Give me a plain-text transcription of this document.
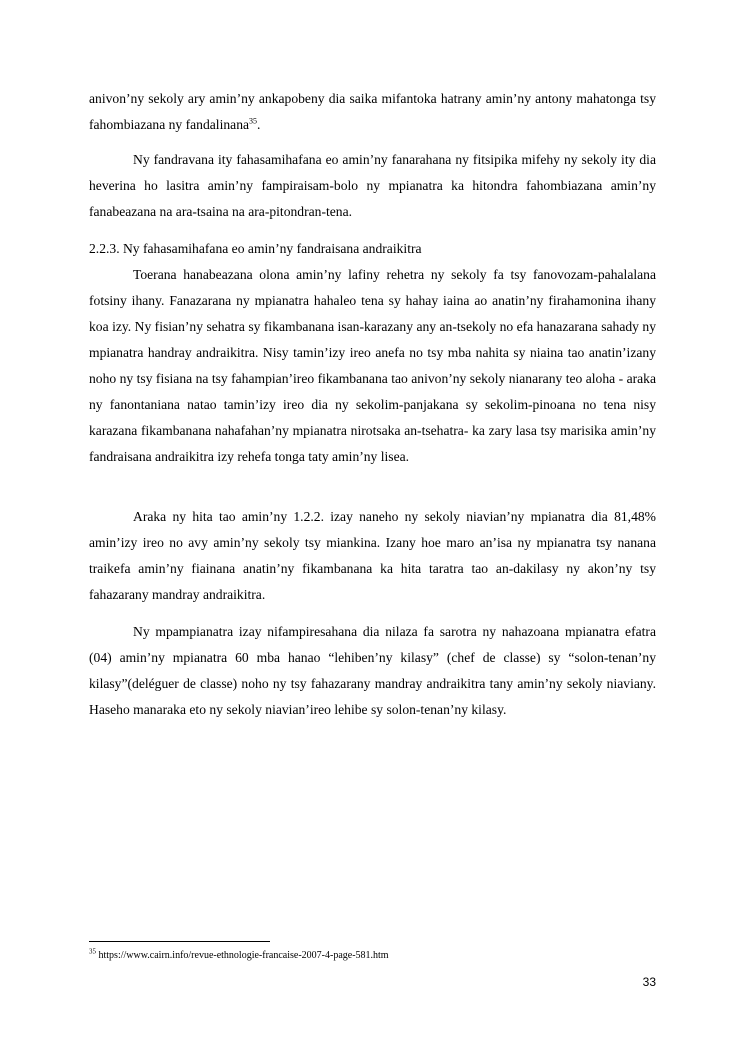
anivon’ny sekoly ary amin’ny ankapobeny dia saika mifantoka hatrany amin’ny antony mahatonga tsy fahombiazana ny fandalinana$^{35}$.

Ny fandravana ity fahasamihafana eo amin’ny fanarahana ny fitsipika mifehy ny sekoly ity dia heverina ho lasitra amin’ny fampiraisam-bolo ny mpianatra ka hitondra fahombiazana amin’ny fanabeazana na ara-tsaina na ara-pitondran-tena.

2.2.3. Ny fahasamihafana eo amin’ny fandraisana andraikitra

Toerana hanabeazana olona amin’ny lafiny rehetra ny sekoly fa tsy fanovozam-pahalalana fotsiny ihany. Fanazarana ny mpianatra hahaleo tena sy hahay iaina ao anatin’ny firahamonina ihany koa izy. Ny fisian’ny sehatra sy fikambanana isan-karazany any an-tsekoly no efa hanazarana sahady ny mpianatra handray andraikitra. Nisy tamin’izy ireo anefa no tsy mba nahita sy niaina tao anatin’izany noho ny tsy fisiana na tsy fahampian’ireo fikambanana tao anivon’ny sekoly nianarany teo aloha - araka ny fanontaniana natao tamin’izy ireo dia ny sekolim-panjakana sy sekolim-pinoana no tena nisy karazana fikambanana nahafahan’ny mpianatra nirotsaka an-tsehatra- ka zary lasa tsy marisika amin’ny fandraisana andraikitra izy rehefa tonga taty amin’ny lisea.

Araka ny hita tao amin’ny 1.2.2. izay naneho ny sekoly niavian’ny mpianatra dia 81,48% amin’izy ireo no avy amin’ny sekoly tsy miankina. Izany hoe maro an’isa ny mpianatra tsy nanana traikefa amin’ny fiainana anatin’ny fikambanana ka hita taratra tao an-dakilasy ny akon’ny tsy fahazarany mandray andraikitra.

Ny mpampianatra izay nifampiresahana dia nilaza fa sarotra ny nahazoana mpianatra efatra (04) amin’ny mpianatra 60 mba hanao “lehiben’ny kilasy” (chef de classe) sy “solon-tenan’ny kilasy”(deléguer de classe) noho ny tsy fahazarany mandray andraikitra tany amin’ny sekoly niaviany. Haseho manaraka eto ny sekoly niavian’ireo lehibe sy solon-tenan’ny kilasy.

$^{35}$ https://www.cairn.info/revue-ethnologie-francaise-2007-4-page-581.htm
33
